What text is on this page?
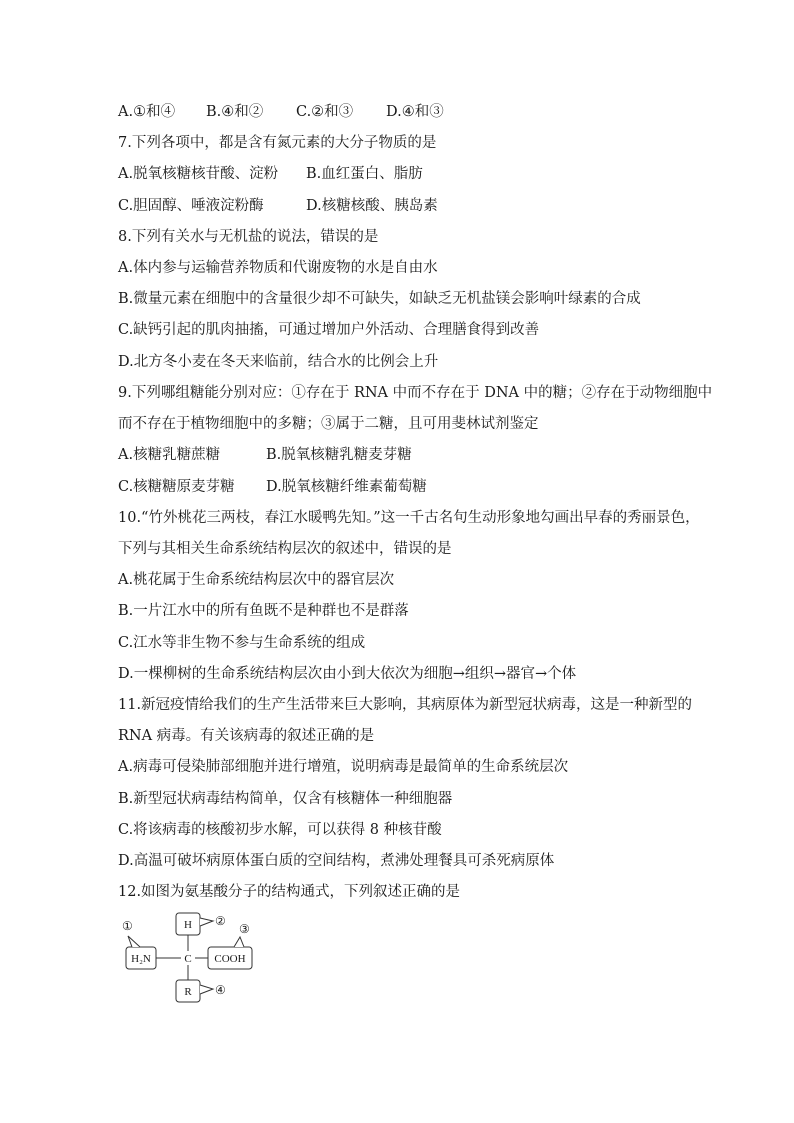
A.①和④ B.④和② C.②和③ D.④和③
7.下列各项中，都是含有氮元素的大分子物质的是
A.脱氧核糖核苷酸、淀粉 B.血红蛋白、脂肪
C.胆固醇、唾液淀粉酶	D.核糖核酸、胰岛素
8.下列有关水与无机盐的说法，错误的是
A.体内参与运输营养物质和代谢废物的水是自由水
B.微量元素在细胞中的含量很少却不可缺失，如缺乏无机盐镁会影响叶绿素的合成
C.缺钙引起的肌肉抽搐，可通过增加户外活动、合理膳食得到改善
D.北方冬小麦在冬天来临前，结合水的比例会上升
9.下列哪组糖能分别对应：①存在于 RNA 中而不存在于 DNA 中的糖；②存在于动物细胞中
而不存在于植物细胞中的多糖；③属于二糖，且可用斐林试剂鉴定
A.核糖乳糖蔗糖	B.脱氧核糖乳糖麦芽糖
C.核糖糖原麦芽糖 D.脱氧核糖纤维素葡萄糖
10.“竹外桃花三两枝，春江水暖鸭先知。”这一千古名句生动形象地勾画出早春的秀丽景色，
下列与其相关生命系统结构层次的叙述中，错误的是
A.桃花属于生命系统结构层次中的器官层次
B.一片江水中的所有鱼既不是种群也不是群落
C.江水等非生物不参与生命系统的组成
D.一棵柳树的生命系统结构层次由小到大依次为细胞→组织→器官→个体
11.新冠疫情给我们的生产生活带来巨大影响，其病原体为新型冠状病毒，这是一种新型的
RNA 病毒。有关该病毒的叙述正确的是
A.病毒可侵染肺部细胞并进行增殖，说明病毒是最简单的生命系统层次
B.新型冠状病毒结构简单，仅含有核糖体一种细胞器
C.将该病毒的核酸初步水解，可以获得 8 种核苷酸
D.高温可破坏病原体蛋白质的空间结构，煮沸处理餐具可杀死病原体
12.如图为氨基酸分子的结构通式，下列叙述正确的是
H ②
C
H₂N
①
COOH
③
R ④
